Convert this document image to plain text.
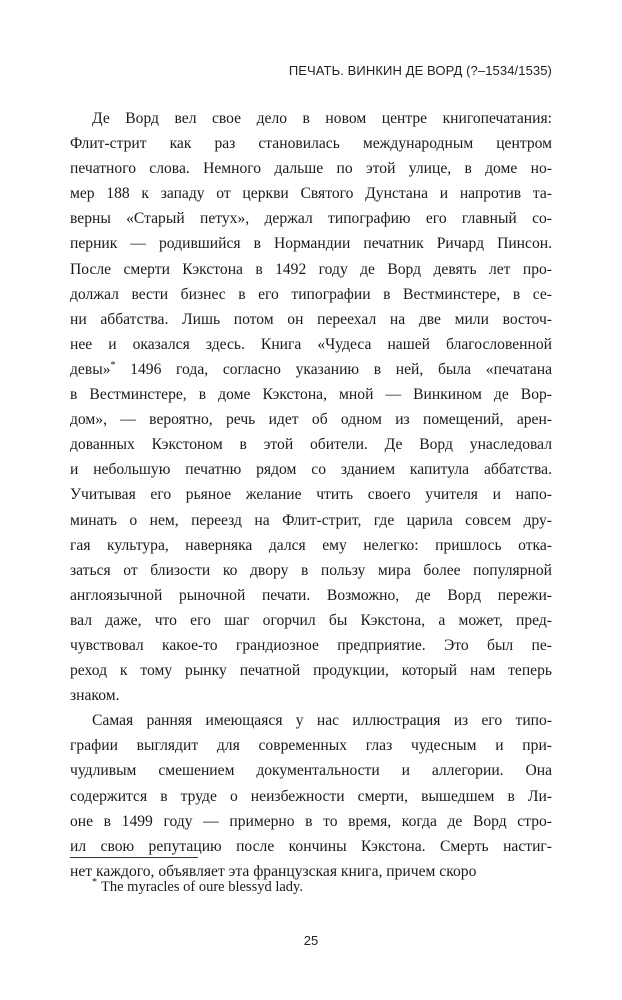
ПЕЧАТЬ. ВИНКИН ДЕ ВОРД (?–1534/1535)
Де Ворд вел свое дело в новом центре книгопечатания:
Флит-стрит как раз становилась международным центром
печатного слова. Немного дальше по этой улице, в доме но-
мер 188 к западу от церкви Святого Дунстана и напротив та-
верны «Старый петух», держал типографию его главный со-
перник — родившийся в Нормандии печатник Ричард Пинсон.
После смерти Кэкстона в 1492 году де Ворд девять лет про-
должал вести бизнес в его типографии в Вестминстере, в се-
ни аббатства. Лишь потом он переехал на две мили восточ-
нее и оказался здесь. Книга «Чудеса нашей благословенной
девы»* 1496 года, согласно указанию в ней, была «печатана
в Вестминстере, в доме Кэкстона, мной — Винкином де Вор-
дом», — вероятно, речь идет об одном из помещений, арен-
дованных Кэкстоном в этой обители. Де Ворд унаследовал
и небольшую печатню рядом со зданием капитула аббатства.
Учитывая его рьяное желание чтить своего учителя и напо-
минать о нем, переезд на Флит-стрит, где царила совсем дру-
гая культура, наверняка дался ему нелегко: пришлось отка-
заться от близости ко двору в пользу мира более популярной
англоязычной рыночной печати. Возможно, де Ворд пережи-
вал даже, что его шаг огорчил бы Кэкстона, а может, пред-
чувствовал какое-то грандиозное предприятие. Это был пе-
реход к тому рынку печатной продукции, который нам теперь
знаком.
Самая ранняя имеющаяся у нас иллюстрация из его типо-
графии выглядит для современных глаз чудесным и при-
чудливым смешением документальности и аллегории. Она
содержится в труде о неизбежности смерти, вышедшем в Ли-
оне в 1499 году — примерно в то время, когда де Ворд стро-
ил свою репутацию после кончины Кэкстона. Смерть настиг-
нет каждого, объявляет эта французская книга, причем скоро
* The myracles of oure blessyd lady.
25
